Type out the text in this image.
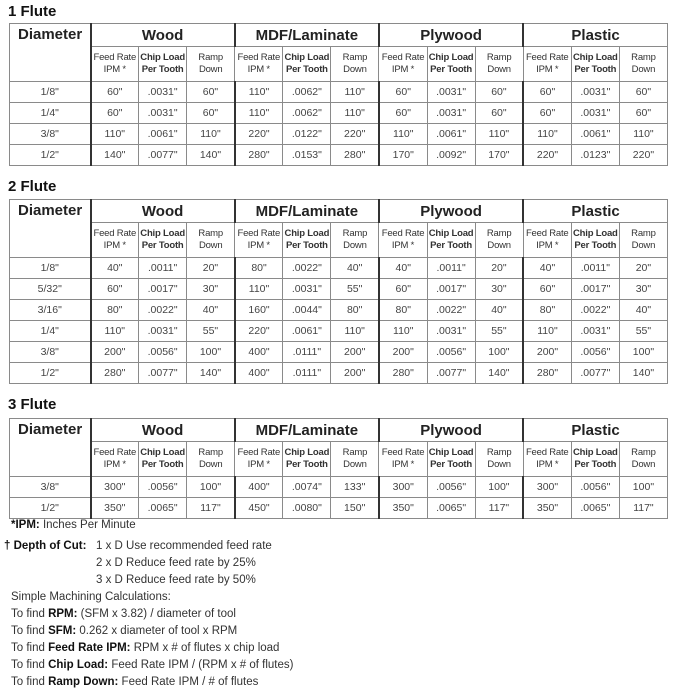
1 Flute
Diameter	Wood			MDF/Laminate			Plywood			Plastic		
	Feed Rate IPM *	Chip Load Per Tooth	Ramp Down	Feed Rate IPM *	Chip Load Per Tooth	Ramp Down	Feed Rate IPM *	Chip Load Per Tooth	Ramp Down	Feed Rate IPM *	Chip Load Per Tooth	Ramp Down
1/8"	60"	.0031"	60"	110"	.0062"	110"	60"	.0031"	60"	60"	.0031"	60"
1/4"	60"	.0031"	60"	110"	.0062"	110"	60"	.0031"	60"	60"	.0031"	60"
3/8"	110"	.0061"	110"	220"	.0122"	220"	110"	.0061"	110"	110"	.0061"	110"
1/2"	140"	.0077"	140"	280"	.0153"	280"	170"	.0092"	170"	220"	.0123"	220"
2 Flute
Diameter	Wood			MDF/Laminate			Plywood			Plastic		
	Feed Rate IPM *	Chip Load Per Tooth	Ramp Down	Feed Rate IPM *	Chip Load Per Tooth	Ramp Down	Feed Rate IPM *	Chip Load Per Tooth	Ramp Down	Feed Rate IPM *	Chip Load Per Tooth	Ramp Down
1/8"	40"	.0011"	20"	80"	.0022"	40"	40"	.0011"	20"	40"	.0011"	20"
5/32"	60"	.0017"	30"	110"	.0031"	55"	60"	.0017"	30"	60"	.0017"	30"
3/16"	80"	.0022"	40"	160"	.0044"	80"	80"	.0022"	40"	80"	.0022"	40"
1/4"	110"	.0031"	55"	220"	.0061"	110"	110"	.0031"	55"	110"	.0031"	55"
3/8"	200"	.0056"	100"	400"	.0111"	200"	200"	.0056"	100"	200"	.0056"	100"
1/2"	280"	.0077"	140"	400"	.0111"	200"	280"	.0077"	140"	280"	.0077"	140"
3 Flute
Diameter	Wood			MDF/Laminate			Plywood			Plastic		
	Feed Rate IPM *	Chip Load Per Tooth	Ramp Down	Feed Rate IPM *	Chip Load Per Tooth	Ramp Down	Feed Rate IPM *	Chip Load Per Tooth	Ramp Down	Feed Rate IPM *	Chip Load Per Tooth	Ramp Down
3/8"	300"	.0056"	100"	400"	.0074"	133"	300"	.0056"	100"	300"	.0056"	100"
1/2"	350"	.0065"	117"	450"	.0080"	150"	350"	.0065"	117"	350"	.0065"	117"
*IPM: Inches Per Minute
† Depth of Cut: 1 x D Use recommended feed rate
2 x D Reduce feed rate by 25%
3 x D Reduce feed rate by 50%
Simple Machining Calculations:
To find RPM: (SFM x 3.82) / diameter of tool
To find SFM: 0.262 x diameter of tool x RPM
To find Feed Rate IPM: RPM x # of flutes x chip load
To find Chip Load: Feed Rate IPM / (RPM x # of flutes)
To find Ramp Down: Feed Rate IPM / # of flutes
